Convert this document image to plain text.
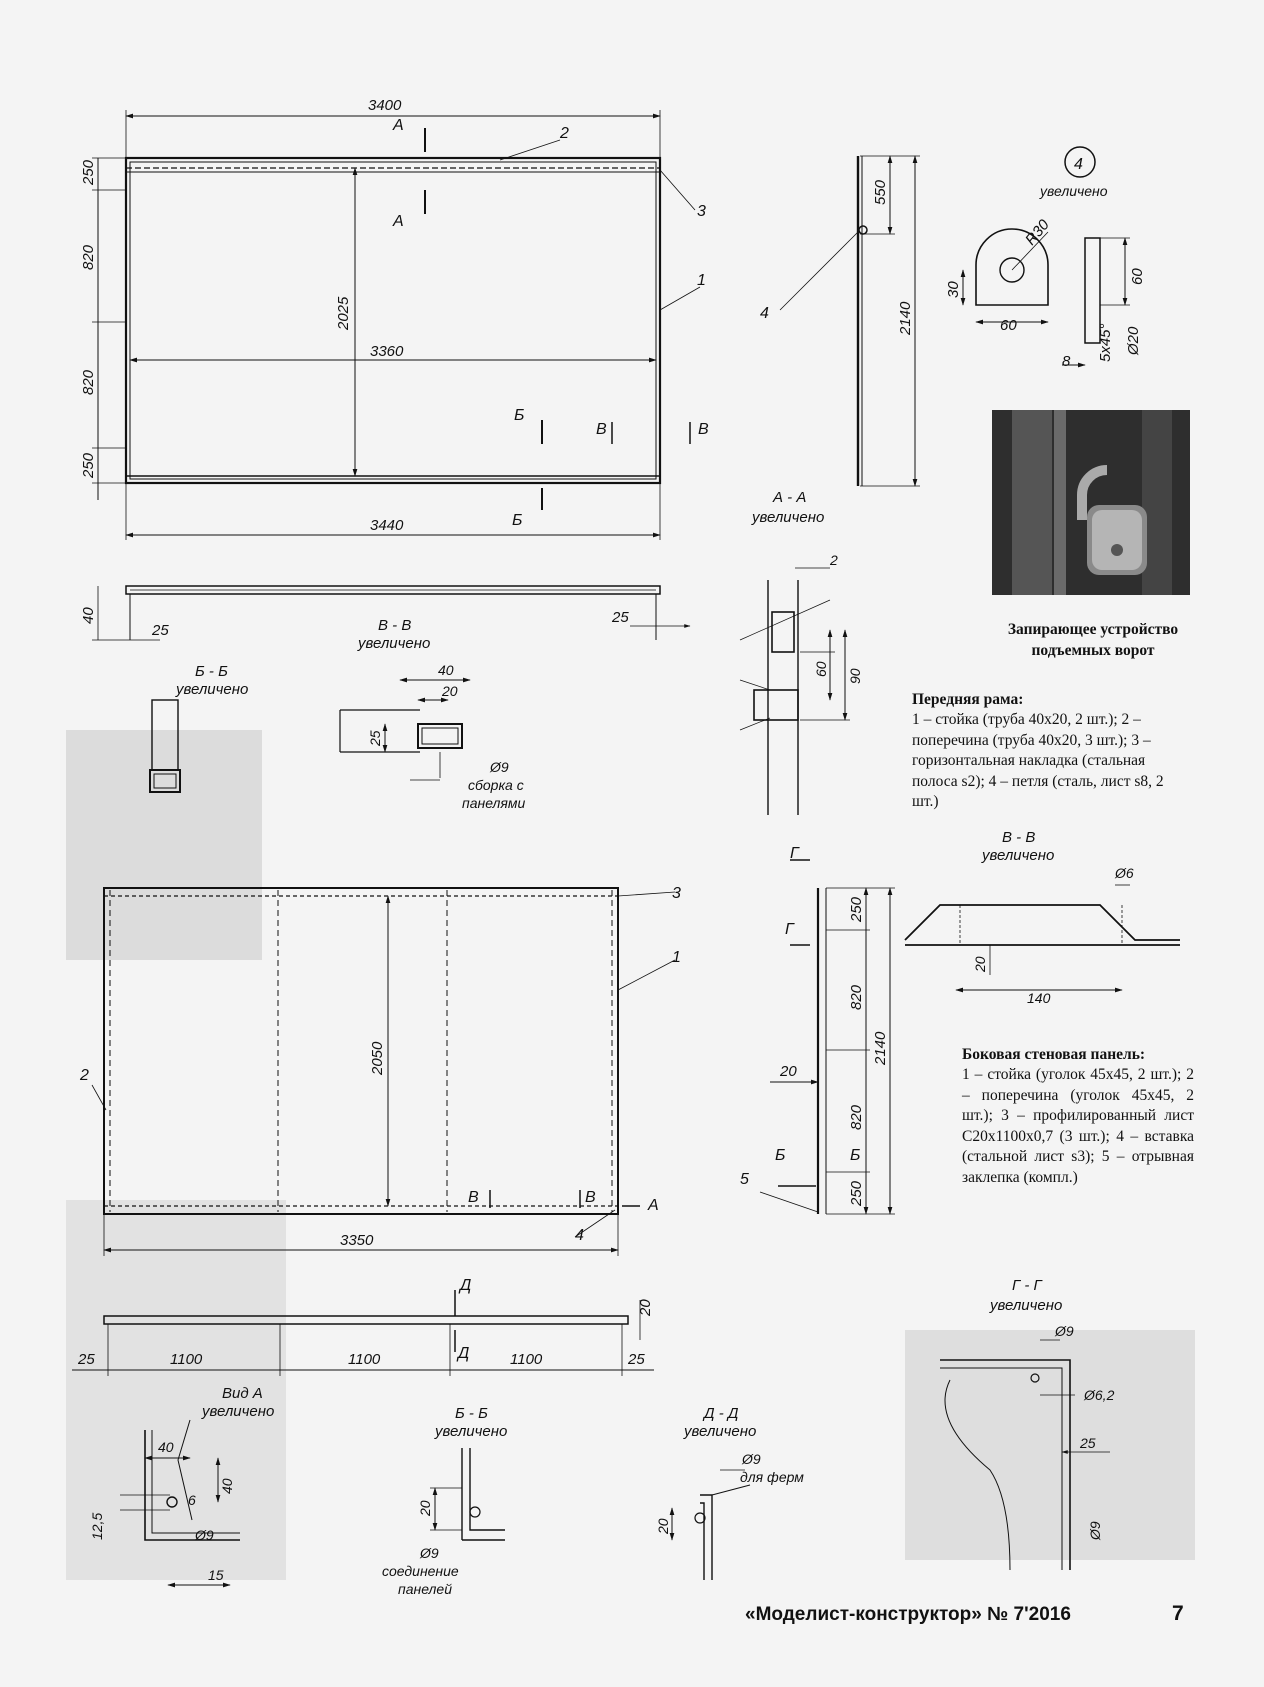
3400
3360
3440
2025
250
820
820
250
2
3
1
А
А
Б
Б
В	В
550
2140
4
А - А
увеличено
4
увеличено
R30
30
60
60
5x45° Ø20
8
40
25
25
Б - Б
увеличено
В - В
увеличено
40
20
25
Ø9
сборка с
панелями
2
60 90
3350
2050
3
1
2
4
В	В	А
250
820
2140
820
250
20
Г
Г
Б	Б
5
В - В
увеличено
Ø6
20
140
25	1100	1100	1100	25
20
Д
Д
Вид А
увеличено
40
40
6
Ø9
12,5
15
Б - Б
увеличено
20
Ø9
соединение
панелей
Д - Д
увеличено
Ø9
для ферм
20
Г - Г
увеличено
Ø9
Ø6,2
25
Ø9
Запирающее устройство подъемных ворот
Передняя рама:
1 – стойка (труба 40х20, 2 шт.); 2 – поперечина (труба 40х20, 3 шт.); 3 – горизонтальная накладка (стальная полоса s2); 4 – петля (сталь, лист s8, 2 шт.)
Боковая стеновая панель:
1 – стойка (уголок 45х45, 2 шт.); 2 – поперечина (уголок 45х45, 2 шт.); 3 – профилированный лист С20х1100х0,7 (3 шт.); 4 – вставка (стальной лист s3); 5 – отрывная заклепка (компл.)
«Моделист-конструктор» № 7'2016	7
